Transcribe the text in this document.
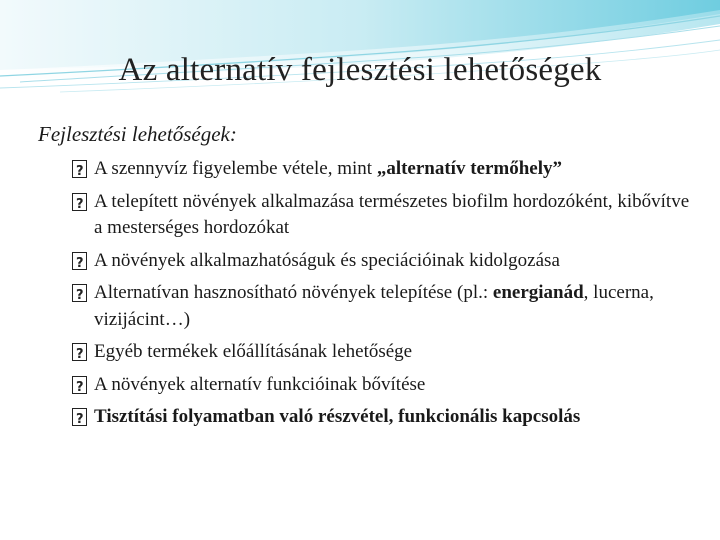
Az alternatív fejlesztési lehetőségek
Fejlesztési lehetőségek:
?
A szennyvíz figyelembe vétele, mint „alternatív termőhely”
?
A telepített növények alkalmazása természetes biofilm hordozóként, kibővítve a mesterséges hordozókat
?
A növények alkalmazhatóságuk és speciációinak kidolgozása
?
Alternatívan hasznosítható növények telepítése (pl.: energianád, lucerna, vizijácint…)
?
Egyéb termékek előállításának lehetősége
?
A növények alternatív funkcióinak bővítése
?
Tisztítási folyamatban való részvétel, funkcionális kapcsolás
